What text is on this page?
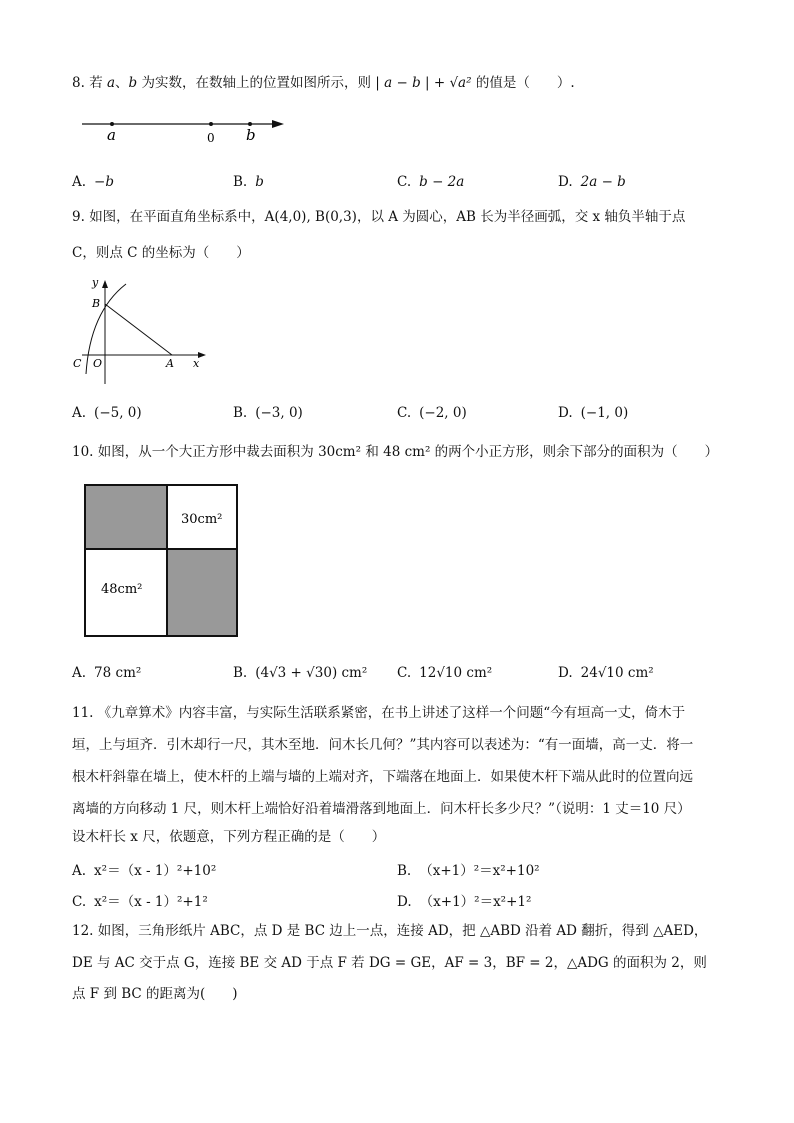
8. 若 a、b 为实数，在数轴上的位置如图所示，则 | a − b | + √a² 的值是（　　）.
a	0 b
A. −b	B. b	C. b − 2a	D. 2a − b
9. 如图，在平面直角坐标系中，A(4,0), B(0,3)，以 A 为圆心，AB 长为半径画弧，交 x 轴负半轴于点
C，则点 C 的坐标为（　　）
y
B
C O	A x
A. (−5, 0)	B. (−3, 0)	C. (−2, 0)	D. (−1, 0)
10. 如图，从一个大正方形中裁去面积为 30cm² 和 48 cm² 的两个小正方形，则余下部分的面积为（　　）
30cm²
48cm²
A. 78 cm²	B. (4√3 + √30) cm² C. 12√10 cm²	D. 24√10 cm²
11. 《九章算术》内容丰富，与实际生活联系紧密，在书上讲述了这样一个问题“今有垣高一丈，倚木于
垣，上与垣齐．引木却行一尺，其木至地．问木长几何？”其内容可以表述为：“有一面墙，高一丈．将一
根木杆斜靠在墙上，使木杆的上端与墙的上端对齐，下端落在地面上．如果使木杆下端从此时的位置向远
离墙的方向移动 1 尺，则木杆上端恰好沿着墙滑落到地面上．问木杆长多少尺？”（说明：1 丈＝10 尺）
设木杆长 x 尺，依题意，下列方程正确的是（　　）
A. x²＝（x - 1）²+10²	B. （x+1）²＝x²+10²
C. x²＝（x - 1）²+1²	D. （x+1）²＝x²+1²
12. 如图，三角形纸片 ABC，点 D 是 BC 边上一点，连接 AD，把 △ABD 沿着 AD 翻折，得到 △AED，
DE 与 AC 交于点 G，连接 BE 交 AD 于点 F 若 DG = GE，AF = 3，BF = 2，△ADG 的面积为 2，则
点 F 到 BC 的距离为(　　)
